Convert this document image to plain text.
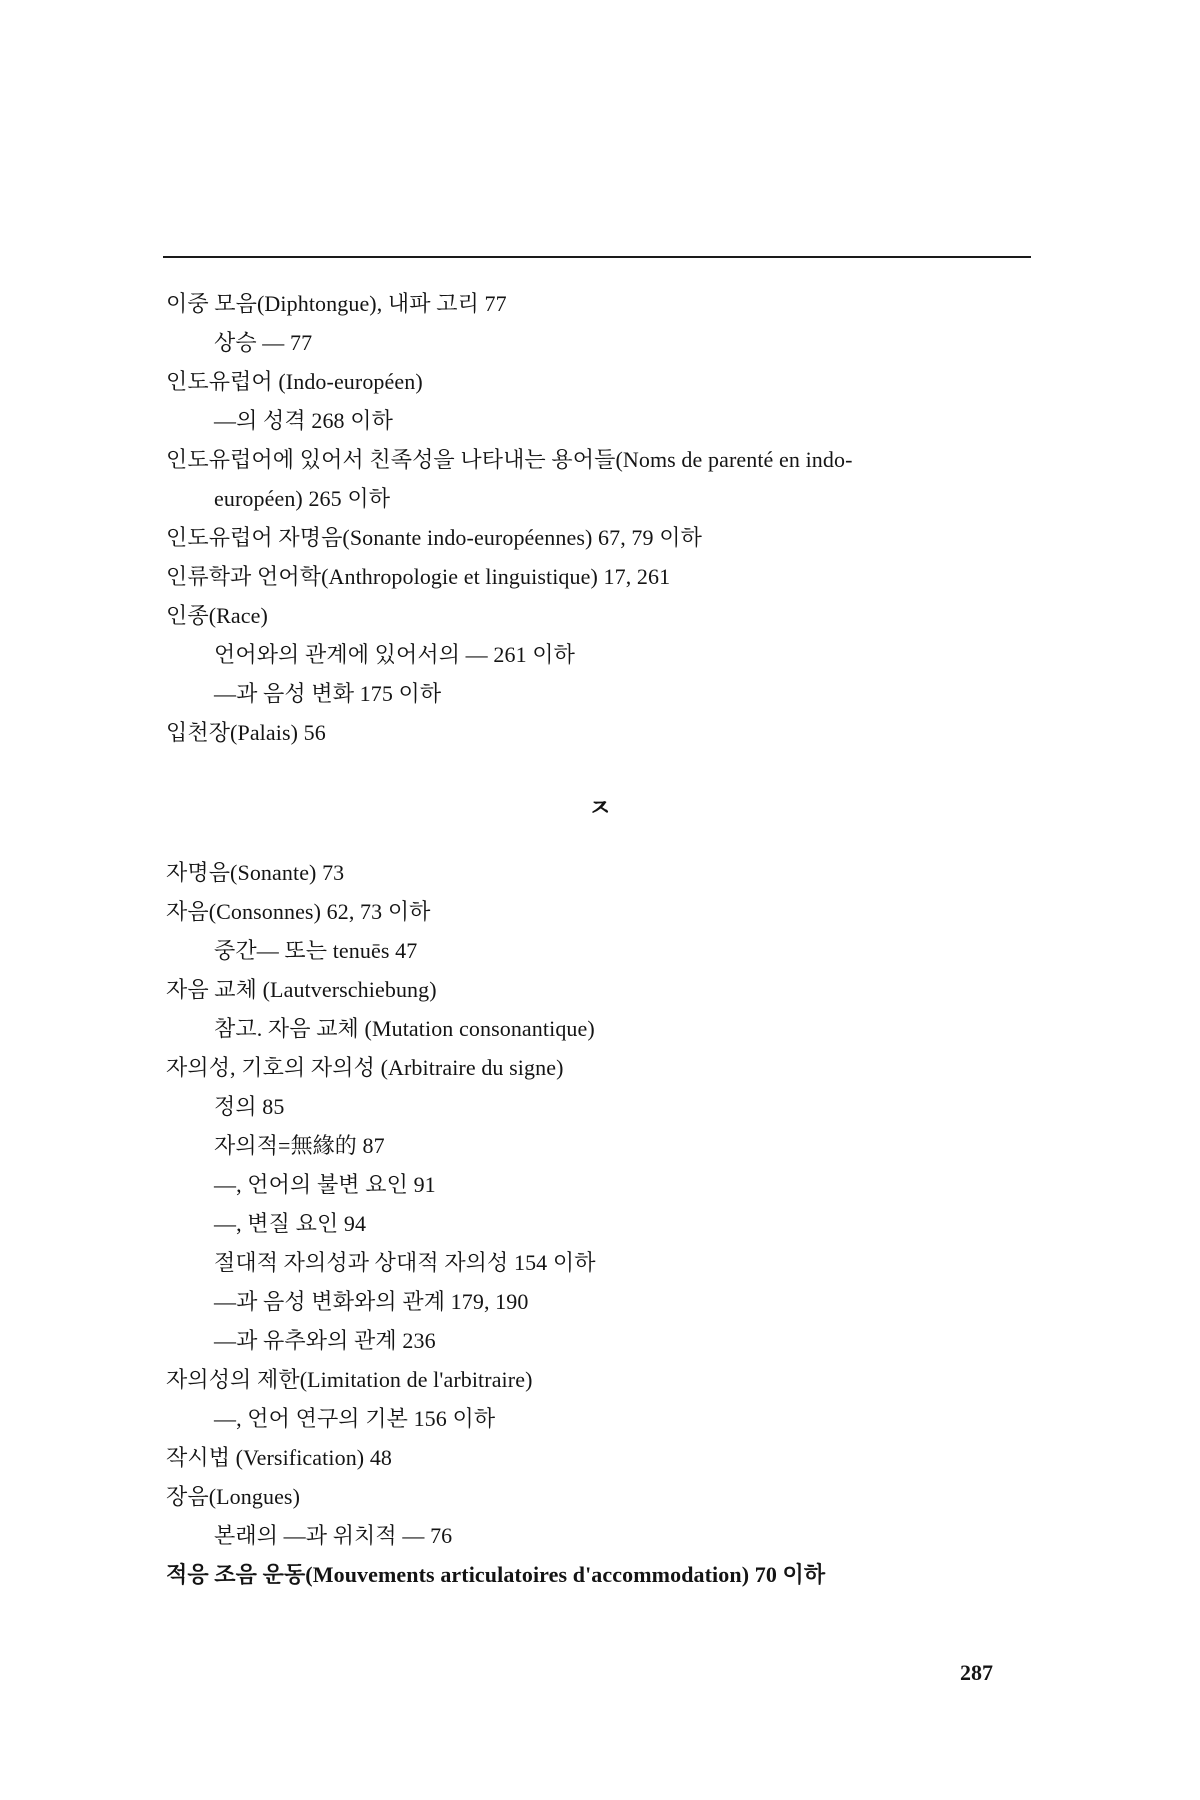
이중 모음(Diphtongue), 내파 고리 77
상승 — 77
인도유럽어 (Indo-européen)
—의 성격 268 이하
인도유럽어에 있어서 친족성을 나타내는 용어들(Noms de parenté en indo-
européen) 265 이하
인도유럽어 자명음(Sonante indo-européennes) 67, 79 이하
인류학과 언어학(Anthropologie et linguistique) 17, 261
인종(Race)
언어와의 관계에 있어서의 — 261 이하
—과 음성 변화 175 이하
입천장(Palais) 56
ㅈ
자명음(Sonante) 73
자음(Consonnes) 62, 73 이하
중간— 또는 tenuēs 47
자음 교체 (Lautverschiebung)
참고. 자음 교체 (Mutation consonantique)
자의성, 기호의 자의성 (Arbitraire du signe)
정의 85
자의적=無緣的 87
—, 언어의 불변 요인 91
—, 변질 요인 94
절대적 자의성과 상대적 자의성 154 이하
—과 음성 변화와의 관계 179, 190
—과 유추와의 관계 236
자의성의 제한(Limitation de l'arbitraire)
—, 언어 연구의 기본 156 이하
작시법 (Versification) 48
장음(Longues)
본래의 —과 위치적 — 76
적응 조음 운동(Mouvements articulatoires d'accommodation) 70 이하
287
